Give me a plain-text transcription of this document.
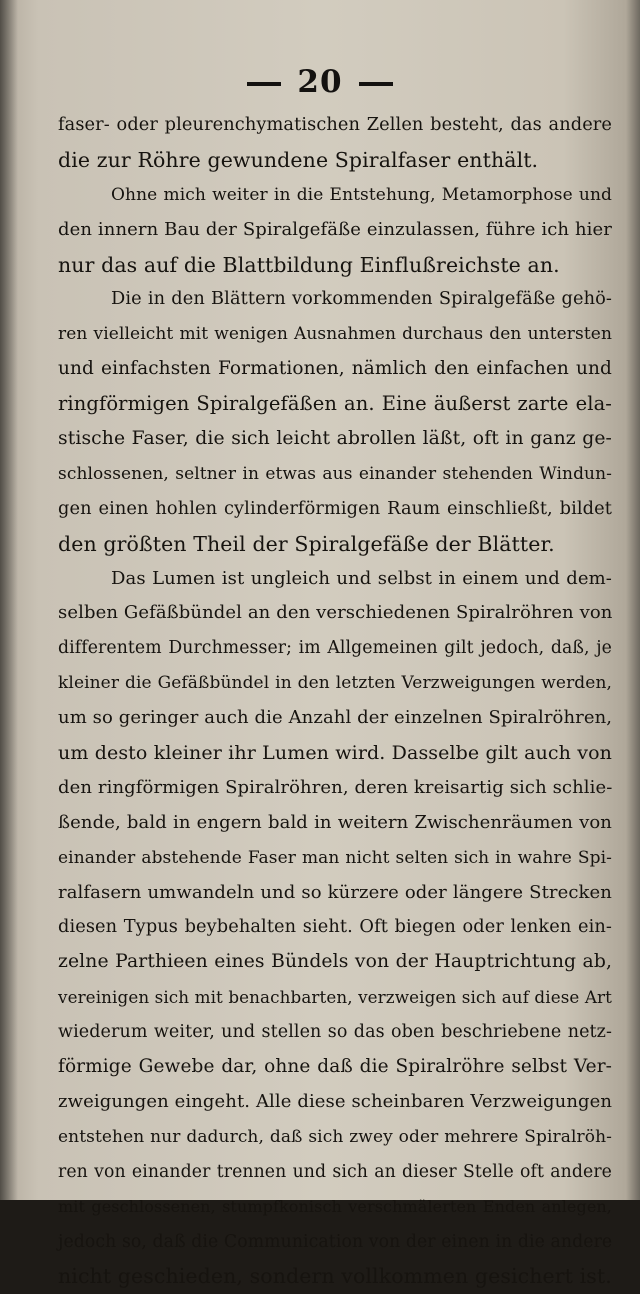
20
faser- oder pleurenchymatischen Zellen besteht, das andere
die zur Röhre gewundene Spiralfaser enthält.
Ohne mich weiter in die Entstehung, Metamorphose und
den innern Bau der Spiralgefäße einzulassen, führe ich hier
nur das auf die Blattbildung Einflußreichste an.
Die in den Blättern vorkommenden Spiralgefäße gehö-
ren vielleicht mit wenigen Ausnahmen durchaus den untersten
und einfachsten Formationen, nämlich den einfachen und
ringförmigen Spiralgefäßen an. Eine äußerst zarte ela-
stische Faser, die sich leicht abrollen läßt, oft in ganz ge-
schlossenen, seltner in etwas aus einander stehenden Windun-
gen einen hohlen cylinderförmigen Raum einschließt, bildet
den größten Theil der Spiralgefäße der Blätter.
Das Lumen ist ungleich und selbst in einem und dem-
selben Gefäßbündel an den verschiedenen Spiralröhren von
differentem Durchmesser; im Allgemeinen gilt jedoch, daß, je
kleiner die Gefäßbündel in den letzten Verzweigungen werden,
um so geringer auch die Anzahl der einzelnen Spiralröhren,
um desto kleiner ihr Lumen wird. Dasselbe gilt auch von
den ringförmigen Spiralröhren, deren kreisartig sich schlie-
ßende, bald in engern bald in weitern Zwischenräumen von
einander abstehende Faser man nicht selten sich in wahre Spi-
ralfasern umwandeln und so kürzere oder längere Strecken
diesen Typus beybehalten sieht. Oft biegen oder lenken ein-
zelne Parthieen eines Bündels von der Hauptrichtung ab,
vereinigen sich mit benachbarten, verzweigen sich auf diese Art
wiederum weiter, und stellen so das oben beschriebene netz-
förmige Gewebe dar, ohne daß die Spiralröhre selbst Ver-
zweigungen eingeht. Alle diese scheinbaren Verzweigungen
entstehen nur dadurch, daß sich zwey oder mehrere Spiralröh-
ren von einander trennen und sich an dieser Stelle oft andere
mit geschlossenen, stumpfkonisch verschmälerten Enden anlegen,
jedoch so, daß die Communication von der einen in die andere
nicht geschieden, sondern vollkommen gesichert ist.
